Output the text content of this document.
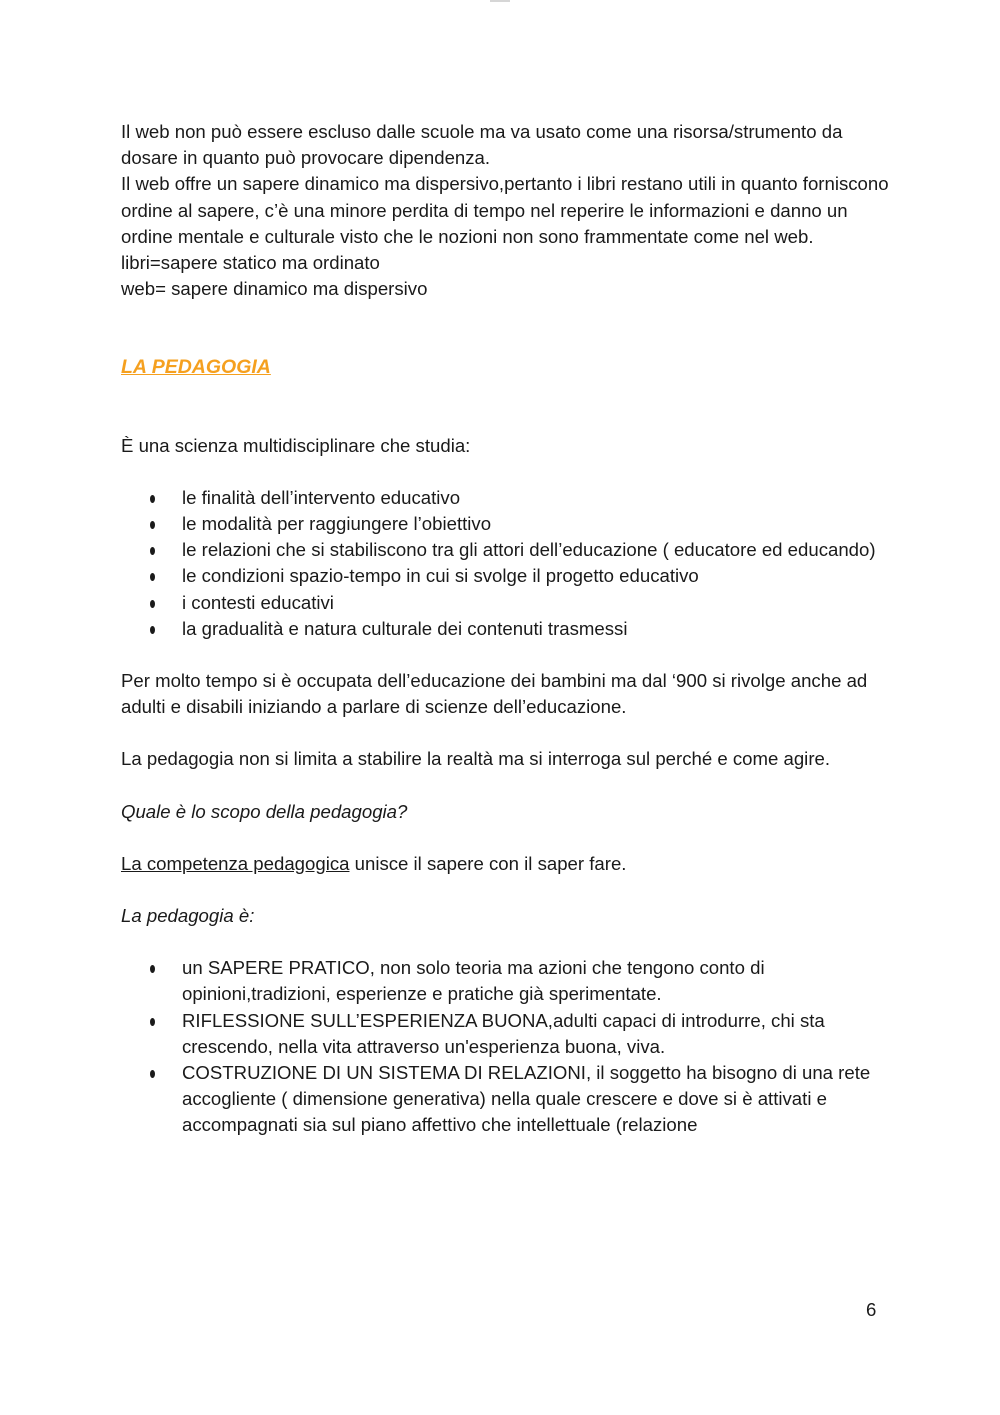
Il web non può essere escluso dalle scuole ma va usato come una risorsa/strumento da dosare in quanto può provocare dipendenza.

Il web offre un sapere dinamico ma dispersivo,pertanto i libri restano utili in quanto forniscono ordine al sapere, c’è una minore perdita di tempo nel reperire le informazioni e danno un ordine mentale e culturale visto che le nozioni non sono frammentate come nel web.

libri=sapere statico ma ordinato

web= sapere dinamico ma dispersivo

LA PEDAGOGIA

È una scienza multidisciplinare che studia:

le finalità dell’intervento educativo
le modalità per raggiungere l’obiettivo
le relazioni che si stabiliscono tra gli attori dell’educazione ( educatore ed educando)
le condizioni spazio-tempo in cui si svolge il progetto educativo
i contesti educativi
la gradualità e natura culturale dei contenuti trasmessi

Per molto tempo si è occupata dell’educazione dei bambini ma dal ‘900 si rivolge anche ad adulti e disabili iniziando a parlare di scienze dell’educazione.

La pedagogia non si limita a stabilire la realtà ma si interroga sul perché e come agire.

Quale è lo scopo della pedagogia?

La competenza pedagogica unisce il sapere con il saper fare.

La pedagogia è:

un SAPERE PRATICO, non solo teoria ma azioni che tengono conto di opinioni,tradizioni, esperienze e pratiche già sperimentate.
RIFLESSIONE SULL’ESPERIENZA BUONA,adulti capaci di introdurre, chi sta crescendo, nella vita attraverso un'esperienza buona, viva.
COSTRUZIONE DI UN SISTEMA DI RELAZIONI, il soggetto ha bisogno di una rete accogliente ( dimensione generativa) nella quale crescere e dove si è attivati e accompagnati sia sul piano affettivo che intellettuale (relazione
6
